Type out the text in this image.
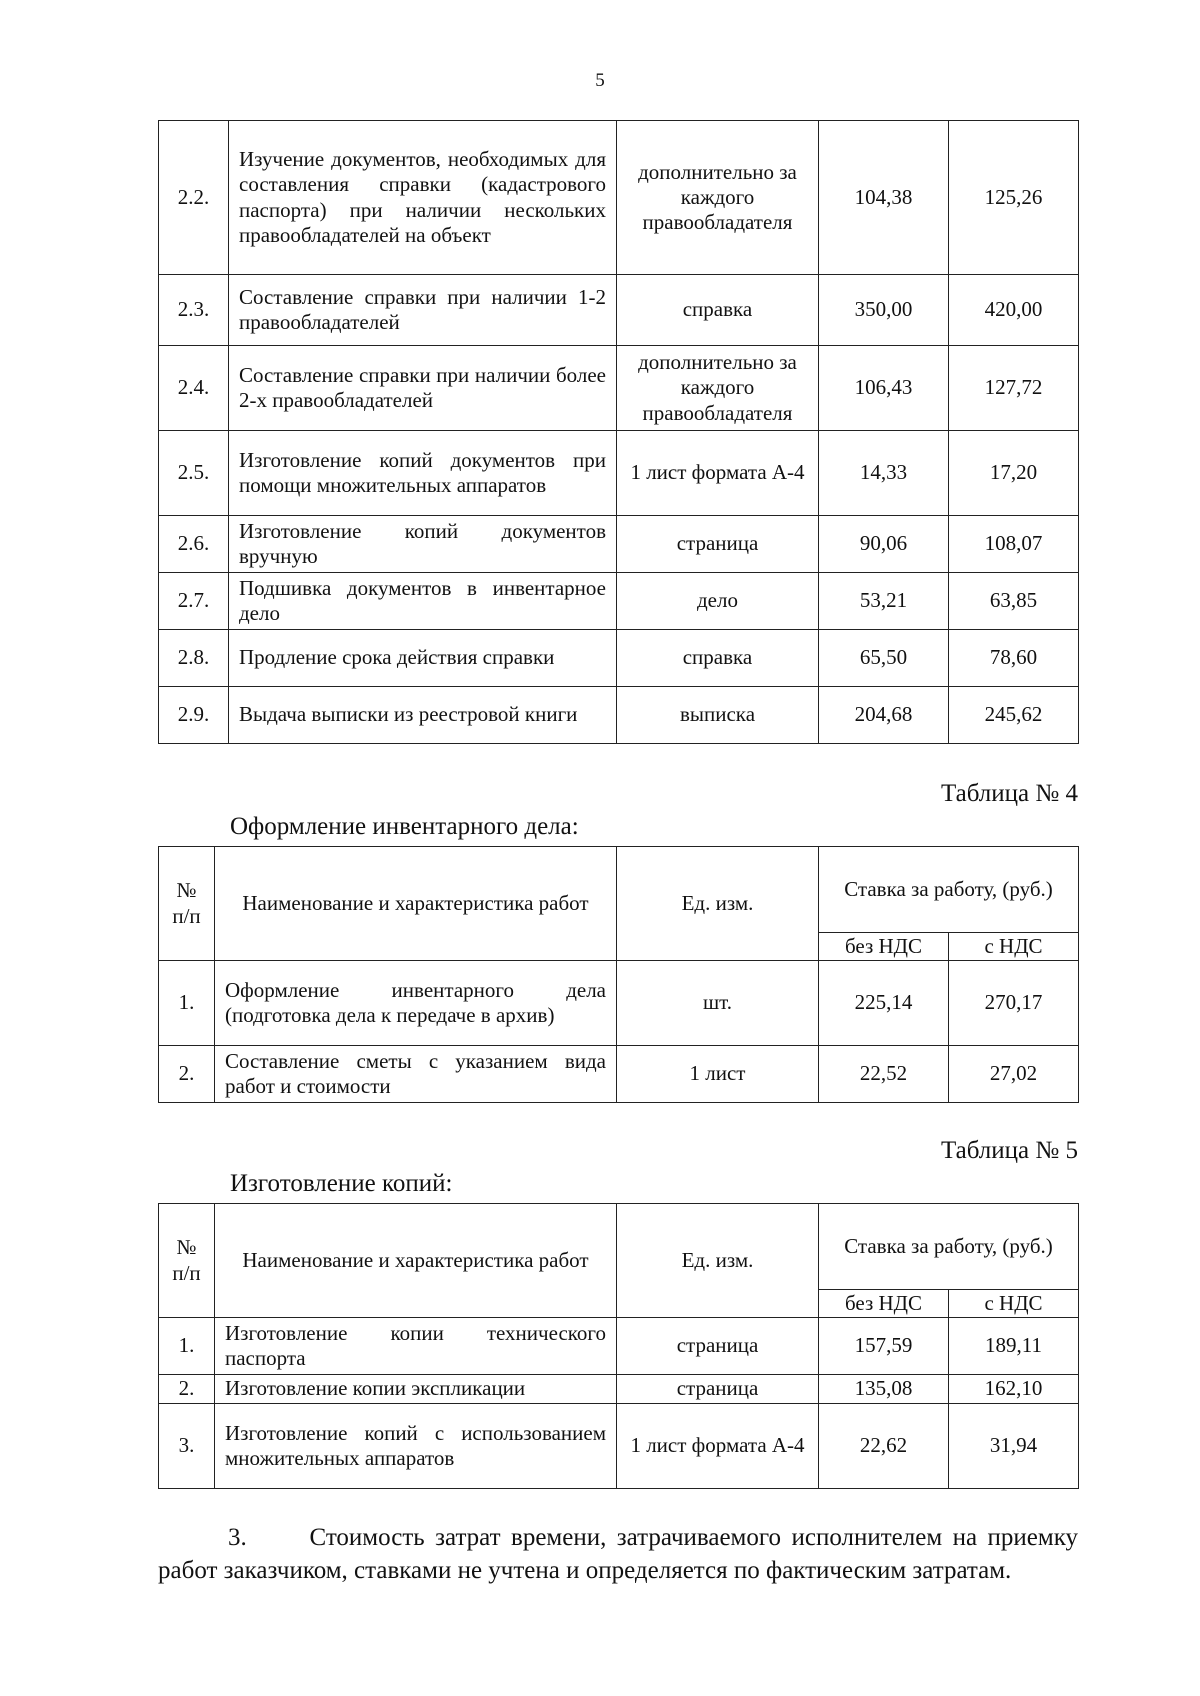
5
2.2.	Изучение документов, необходимых для составления справки (кадастрового паспорта) при наличии нескольких правообладателей на объект	дополнительно за каждого правообладателя	104,38	125,26
2.3.	Составление справки при наличии 1-2 правообладателей	справка	350,00	420,00
2.4.	Составление справки при наличии более 2-х правообладателей	дополнительно за каждого правообладателя	106,43	127,72
2.5.	Изготовление копий документов при помощи множительных аппаратов	1 лист формата А-4	14,33	17,20
2.6.	Изготовление копий документов вручную	страница	90,06	108,07
2.7.	Подшивка документов в инвентарное дело	дело	53,21	63,85
2.8.	Продление срока действия справки	справка	65,50	78,60
2.9.	Выдача выписки из реестровой книги	выписка	204,68	245,62
Таблица № 4
Оформление инвентарного дела:
№ п/п	Наименование и характеристика работ	Ед. изм.	Ставка за работу, (руб.)	
			без НДС	с НДС
1.	Оформление инвентарного дела (подготовка дела к передаче в архив)	шт.	225,14	270,17
2.	Составление сметы с указанием вида работ и стоимости	1 лист	22,52	27,02
Таблица № 5
Изготовление копий:
№ п/п	Наименование и характеристика работ	Ед. изм.	Ставка за работу, (руб.)	
			без НДС	с НДС
1.	Изготовление копии технического паспорта	страница	157,59	189,11
2.	Изготовление копии экспликации	страница	135,08	162,10
3.	Изготовление копий с использованием множительных аппаратов	1 лист формата А-4	22,62	31,94
3.	Стоимость затрат времени, затрачиваемого исполнителем на приемку работ заказчиком, ставками не учтена и определяется по фактическим затратам.
